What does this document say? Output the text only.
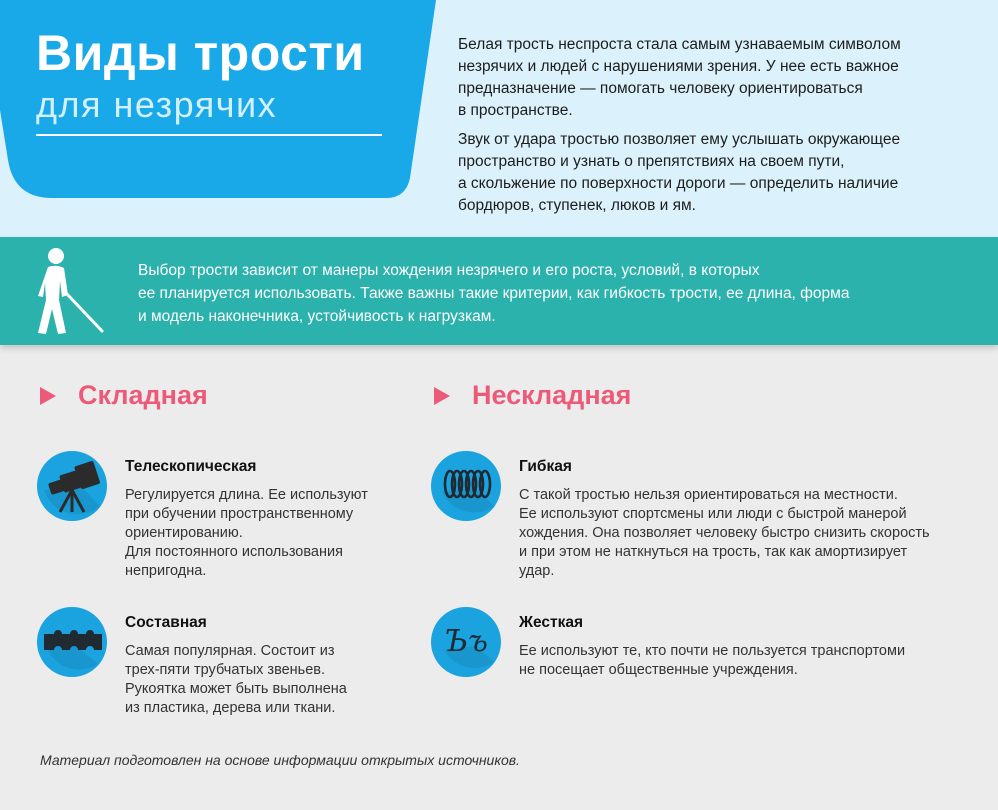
Виды трости
для незрячих

Белая трость неспроста стала самым узнаваемым символом
незрячих и людей с нарушениями зрения. У нее есть важное
предназначение — помогать человеку ориентироваться
в пространстве.

Звук от удара тростью позволяет ему услышать окружающее
пространство и узнать о препятствиях на своем пути,
а скольжение по поверхности дороги — определить наличие
бордюров, ступенек, люков и ям.

Выбор трости зависит от манеры хождения незрячего и его роста, условий, в которых
ее планируется использовать. Также важны такие критерии, как гибкость трости, ее длина, форма
и модель наконечника, устойчивость к нагрузкам.
Складная
Телескопическая
Регулируется длина. Ее используют
при обучении пространственному
ориентированию.
Для постоянного использования
непригодна.
Составная
Самая популярная. Состоит из
трех-пяти трубчатых звеньев.
Рукоятка может быть выполнена
из пластика, дерева или ткани.
Нескладная
Гибкая
С такой тростью нельзя ориентироваться на местности.
Ее используют спортсмены или люди с быстрой манерой
хождения. Она позволяет человеку быстро снизить скорость
и при этом не наткнуться на трость, так как амортизирует
удар.
Ъъ
Жесткая
Ее используют те, кто почти не пользуется транспортоми
не посещает общественные учреждения.
Материал подготовлен на основе информации открытых источников.
